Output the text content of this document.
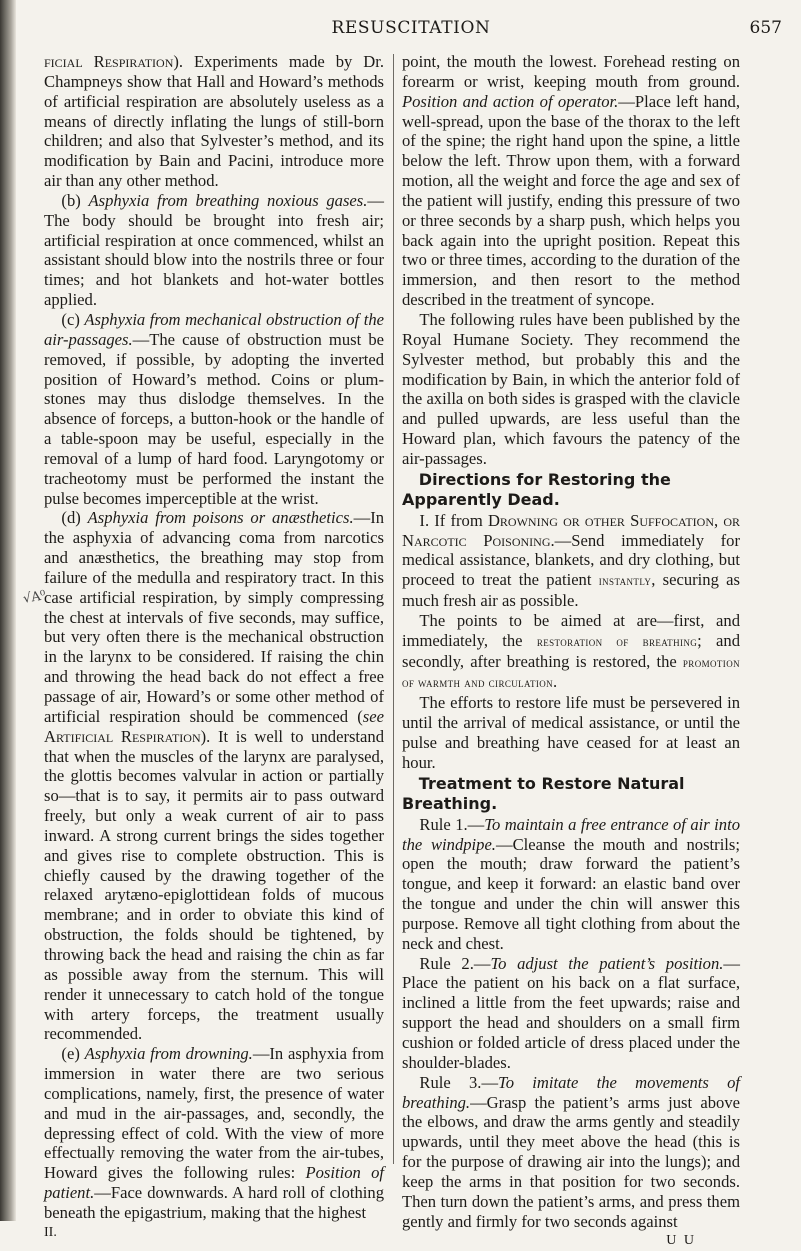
RESUSCITATION	657
√A⁰

ficial Respiration). Experiments made by Dr. Champneys show that Hall and Howard’s methods of artificial respiration are absolutely useless as a means of directly inflating the lungs of still-born children; and also that Sylvester’s method, and its modification by Bain and Pacini, introduce more air than any other method.

(b) Asphyxia from breathing noxious gases.—The body should be brought into fresh air; artificial respiration at once commenced, whilst an assistant should blow into the nostrils three or four times; and hot blankets and hot-water bottles applied.

(c) Asphyxia from mechanical obstruction of the air-passages.—The cause of obstruction must be removed, if possible, by adopting the inverted position of Howard’s method. Coins or plum-stones may thus dislodge themselves. In the absence of forceps, a button-hook or the handle of a table-spoon may be useful, especially in the removal of a lump of hard food. Laryngotomy or tracheotomy must be performed the instant the pulse becomes imperceptible at the wrist.

(d) Asphyxia from poisons or anæsthetics.—In the asphyxia of advancing coma from narcotics and anæsthetics, the breathing may stop from failure of the medulla and respiratory tract. In this case artificial respiration, by simply compressing the chest at intervals of five seconds, may suffice, but very often there is the mechanical obstruction in the larynx to be considered. If raising the chin and throwing the head back do not effect a free passage of air, Howard’s or some other method of artificial respiration should be commenced (see Artificial Respiration). It is well to understand that when the muscles of the larynx are paralysed, the glottis becomes valvular in action or partially so—that is to say, it permits air to pass outward freely, but only a weak current of air to pass inward. A strong current brings the sides together and gives rise to complete obstruction. This is chiefly caused by the drawing together of the relaxed arytæno-epiglottidean folds of mucous membrane; and in order to obviate this kind of obstruction, the folds should be tightened, by throwing back the head and raising the chin as far as possible away from the sternum. This will render it unnecessary to catch hold of the tongue with artery forceps, the treatment usually recommended.

(e) Asphyxia from drowning.—In asphyxia from immersion in water there are two serious complications, namely, first, the presence of water and mud in the air-passages, and, secondly, the depressing effect of cold. With the view of more effectually removing the water from the air-tubes, Howard gives the following rules: Position of patient.—Face downwards. A hard roll of clothing beneath the epigastrium, making that the highest

II.

point, the mouth the lowest. Forehead resting on forearm or wrist, keeping mouth from ground. Position and action of operator.—Place left hand, well-spread, upon the base of the thorax to the left of the spine; the right hand upon the spine, a little below the left. Throw upon them, with a forward motion, all the weight and force the age and sex of the patient will justify, ending this pressure of two or three seconds by a sharp push, which helps you back again into the upright position. Repeat this two or three times, according to the duration of the immersion, and then resort to the method described in the treatment of syncope.

The following rules have been published by the Royal Humane Society. They recommend the Sylvester method, but probably this and the modification by Bain, in which the anterior fold of the axilla on both sides is grasped with the clavicle and pulled upwards, are less useful than the Howard plan, which favours the patency of the air-passages.

Directions for Restoring the Apparently Dead.

I. If from Drowning or other Suffocation, or Narcotic Poisoning.—Send immediately for medical assistance, blankets, and dry clothing, but proceed to treat the patient instantly, securing as much fresh air as possible.

The points to be aimed at are—first, and immediately, the restoration of breathing; and secondly, after breathing is restored, the promotion of warmth and circulation.

The efforts to restore life must be persevered in until the arrival of medical assistance, or until the pulse and breathing have ceased for at least an hour.

Treatment to Restore Natural Breathing.

Rule 1.—To maintain a free entrance of air into the windpipe.—Cleanse the mouth and nostrils; open the mouth; draw forward the patient’s tongue, and keep it forward: an elastic band over the tongue and under the chin will answer this purpose. Remove all tight clothing from about the neck and chest.

Rule 2.—To adjust the patient’s position.—Place the patient on his back on a flat surface, inclined a little from the feet upwards; raise and support the head and shoulders on a small firm cushion or folded article of dress placed under the shoulder-blades.

Rule 3.—To imitate the movements of breathing.—Grasp the patient’s arms just above the elbows, and draw the arms gently and steadily upwards, until they meet above the head (this is for the purpose of drawing air into the lungs); and keep the arms in that position for two seconds. Then turn down the patient’s arms, and press them gently and firmly for two seconds against

U U
